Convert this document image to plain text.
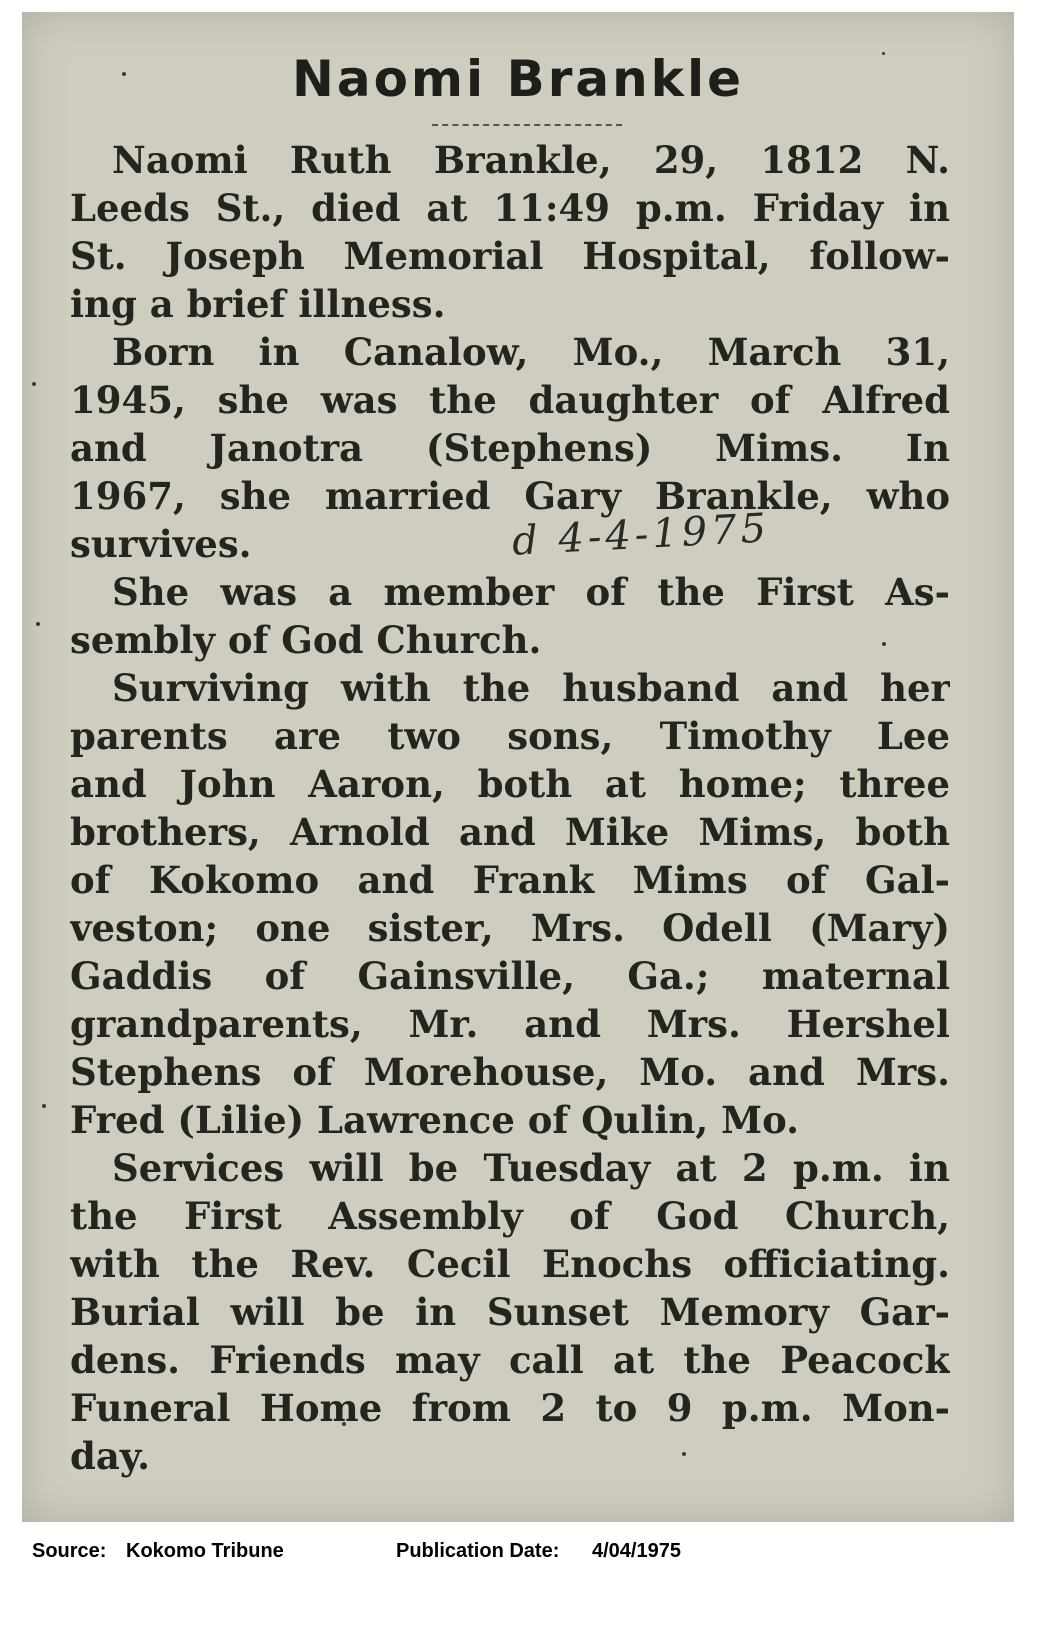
Naomi Brankle
Naomi Ruth Brankle, 29, 1812 N.
Leeds St., died at 11:49 p.m. Friday in
St. Joseph Memorial Hospital, follow-
ing a brief illness.
Born in Canalow, Mo., March 31,
1945, she was the daughter of Alfred
and Janotra (Stephens) Mims. In
1967, she married Gary Brankle, who
survives.
She was a member of the First As-
sembly of God Church.
Surviving with the husband and her
parents are two sons, Timothy Lee
and John Aaron, both at home; three
brothers, Arnold and Mike Mims, both
of Kokomo and Frank Mims of Gal-
veston; one sister, Mrs. Odell (Mary)
Gaddis of Gainsville, Ga.; maternal
grandparents, Mr. and Mrs. Hershel
Stephens of Morehouse, Mo. and Mrs.
Fred (Lilie) Lawrence of Qulin, Mo.
Services will be Tuesday at 2 p.m. in
the First Assembly of God Church,
with the Rev. Cecil Enochs officiating.
Burial will be in Sunset Memory Gar-
dens. Friends may call at the Peacock
Funeral Home from 2 to 9 p.m. Mon-
day.
d 4-4-1975
Source: Kokomo Tribune	Publication Date: 4/04/1975
